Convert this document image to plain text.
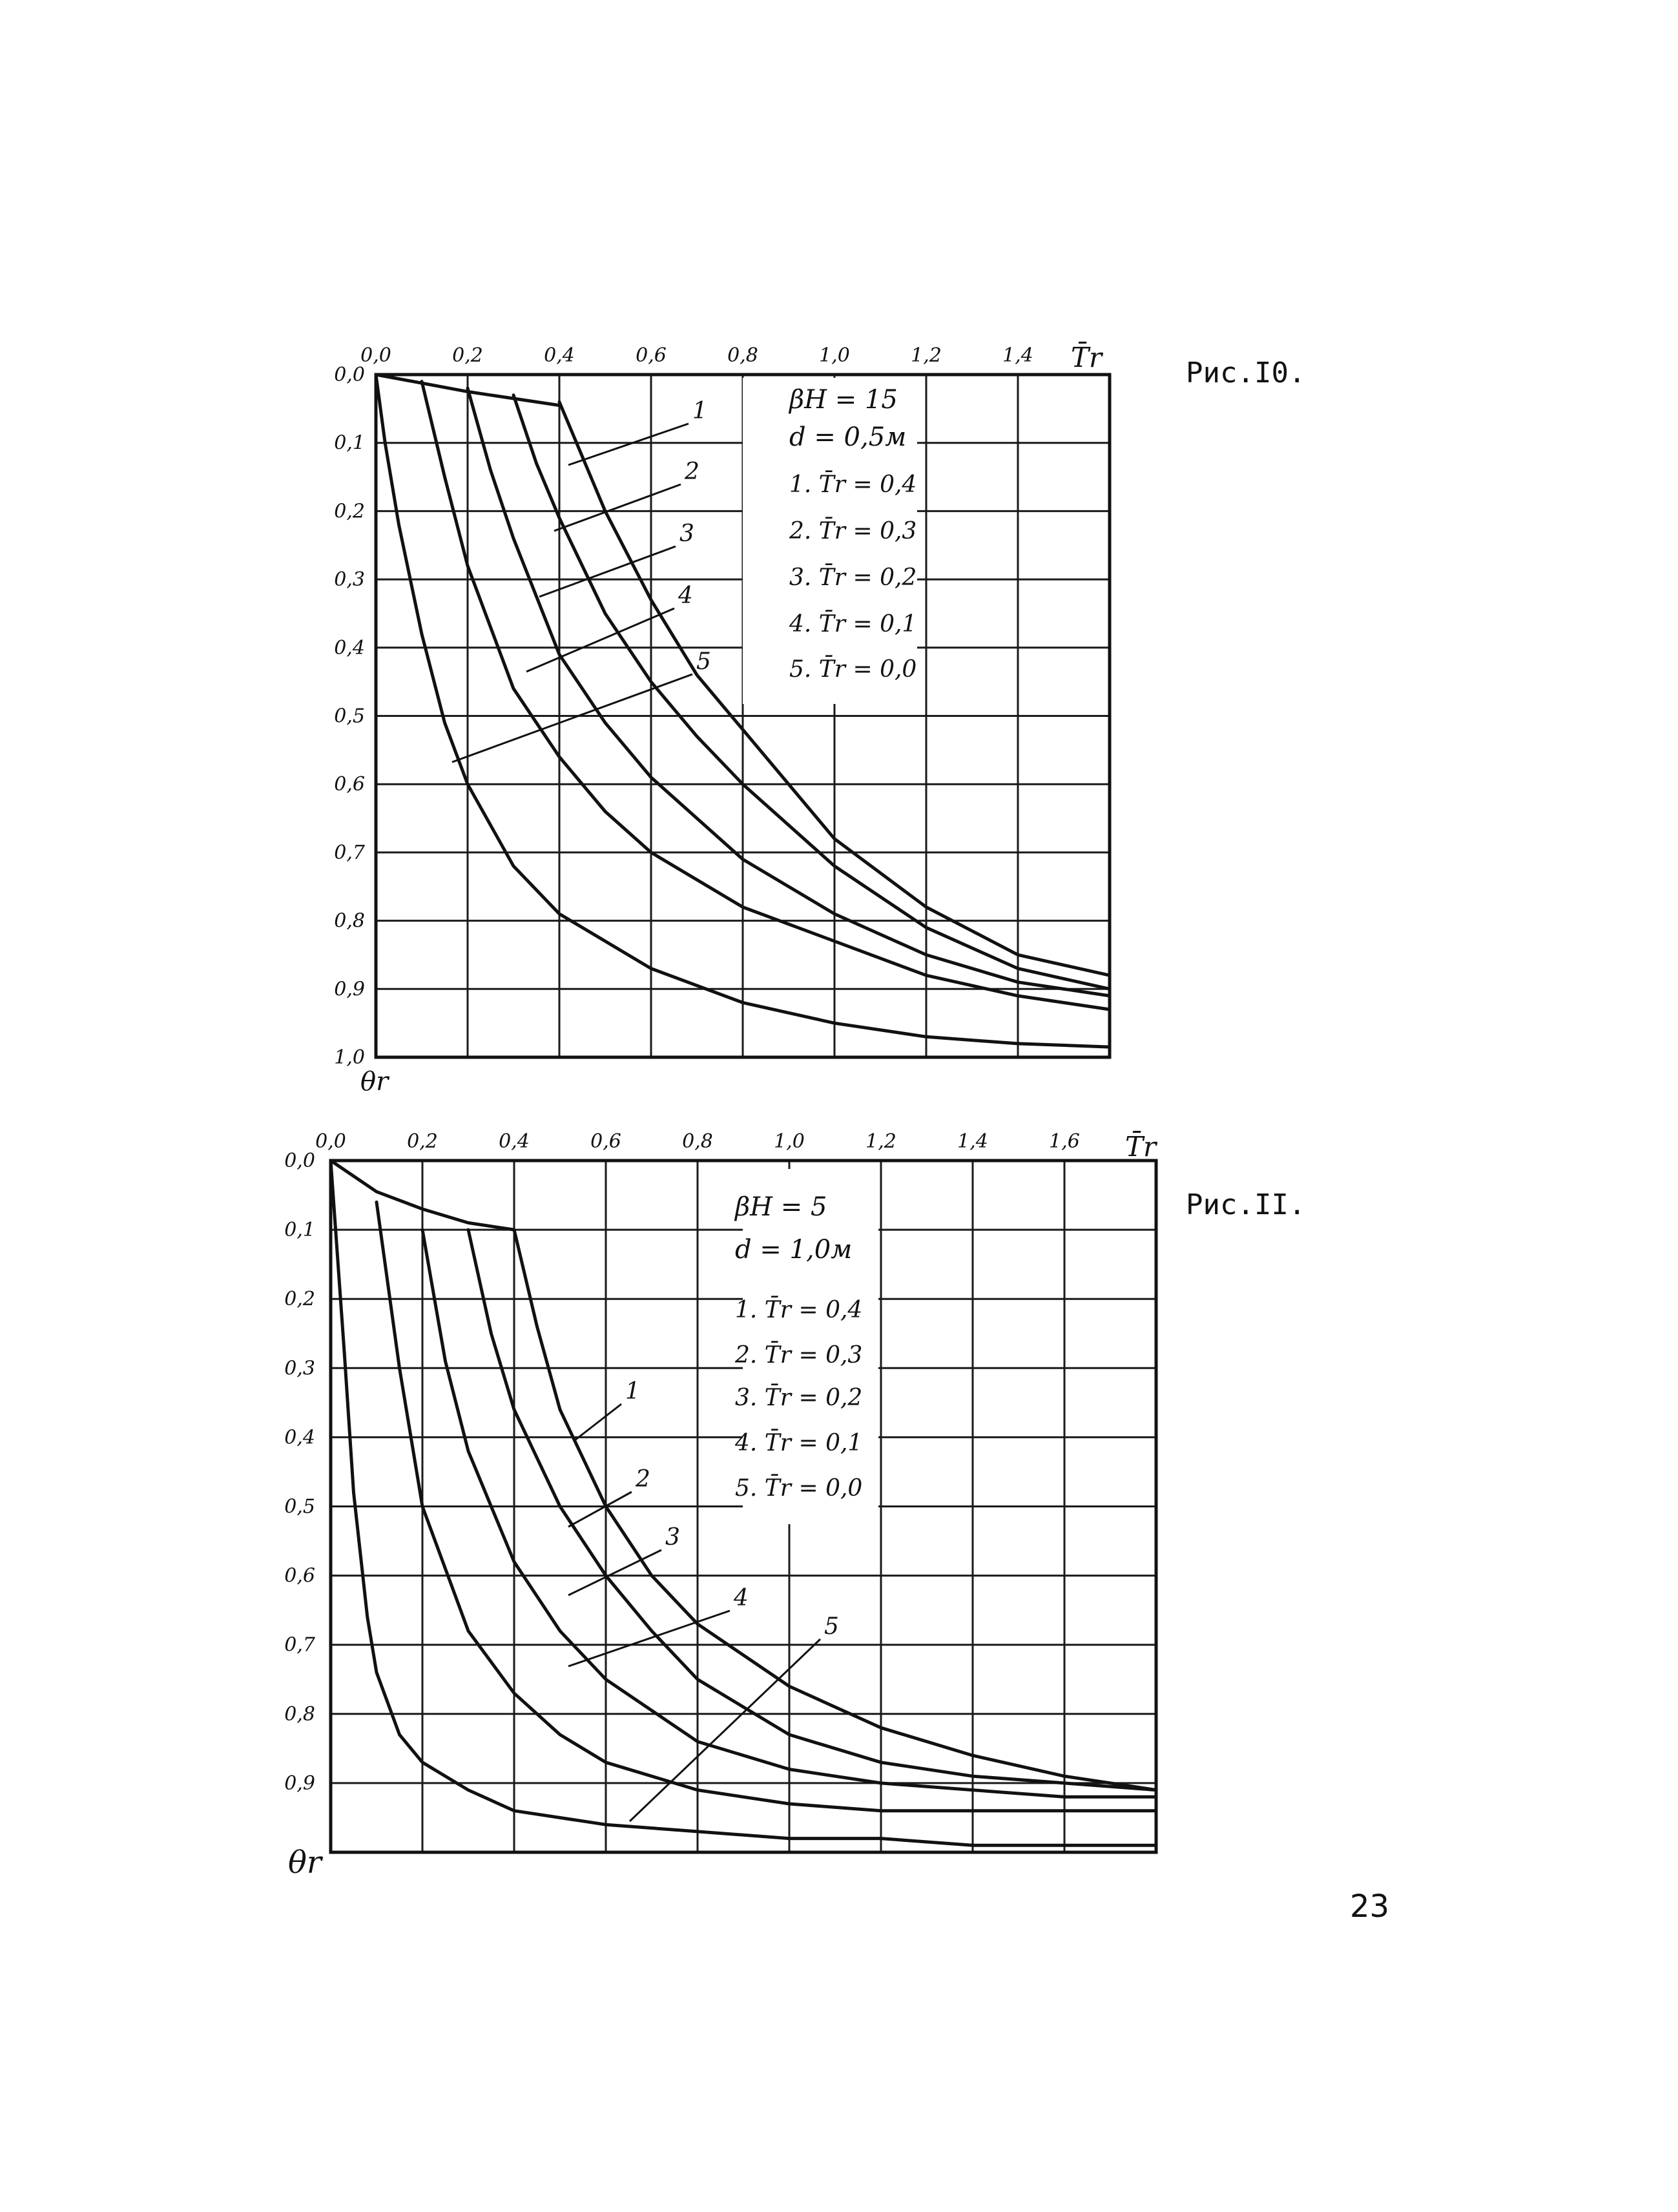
0,0	0,2	0,4	0,6	0,8	1,0	1,2	1,4
0,0
0,1
0,2
0,3
0,4
0,5
0,6
0,7
0,8
0,9
1,0
βH = 15
d = 0,5м
1. T̄r = 0,4
2. T̄r = 0,3
3. T̄r = 0,2
4. T̄r = 0,1
5. T̄r = 0,0
1
2
3
4
5
T̄r
θr
Рис.I0.
0,0	0,2	0,4	0,6	0,8	1,0	1,2	1,4	1,6
0,0
0,1
0,2
0,3
0,4
0,5
0,6
0,7
0,8
0,9
βH = 5
d = 1,0м
1. T̄r = 0,4
2. T̄r = 0,3
3. T̄r = 0,2
4. T̄r = 0,1
5. T̄r = 0,0
1
2
3
4
5
T̄r
θr
Рис.II.
23
